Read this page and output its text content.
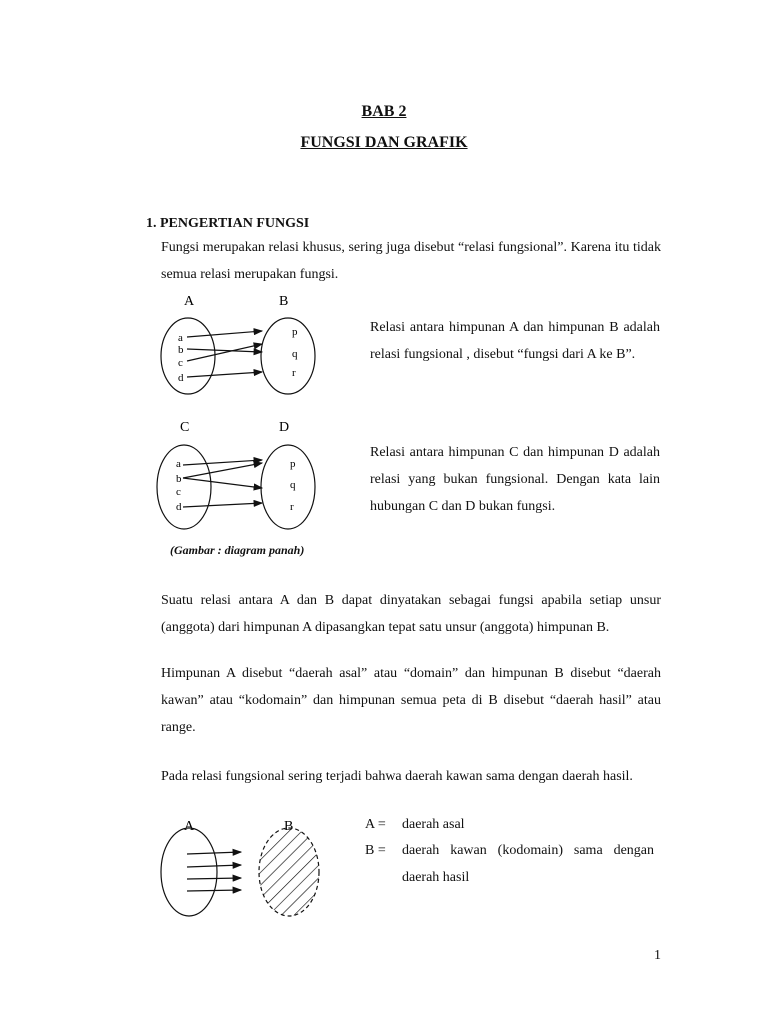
BAB 2
FUNGSI DAN GRAFIK
1. PENGERTIAN FUNGSI
Fungsi merupakan relasi khusus, sering juga disebut “relasi fungsional”. Karena itu tidak semua relasi merupakan fungsi.
A	B
a
b
c
d
p
q
r
Relasi antara himpunan A dan himpunan B adalah relasi fungsional , disebut “fungsi dari A ke B”.
C	D
a
b
c
d
p
q
r
Relasi antara himpunan C dan himpunan D adalah relasi yang bukan fungsional. Dengan kata lain hubungan C dan D bukan fungsi.
(Gambar : diagram panah)
Suatu relasi antara A dan B dapat dinyatakan sebagai fungsi apabila setiap unsur (anggota) dari himpunan A dipasangkan tepat satu unsur (anggota) himpunan B.
Himpunan A disebut “daerah asal” atau “domain” dan himpunan B disebut “daerah kawan” atau “kodomain” dan himpunan semua peta di B disebut “daerah hasil” atau range.
Pada relasi fungsional sering terjadi bahwa daerah kawan sama dengan daerah hasil.
A	B	A = daerah asal
B = daerah kawan (kodomain) sama dengan daerah hasil
1
